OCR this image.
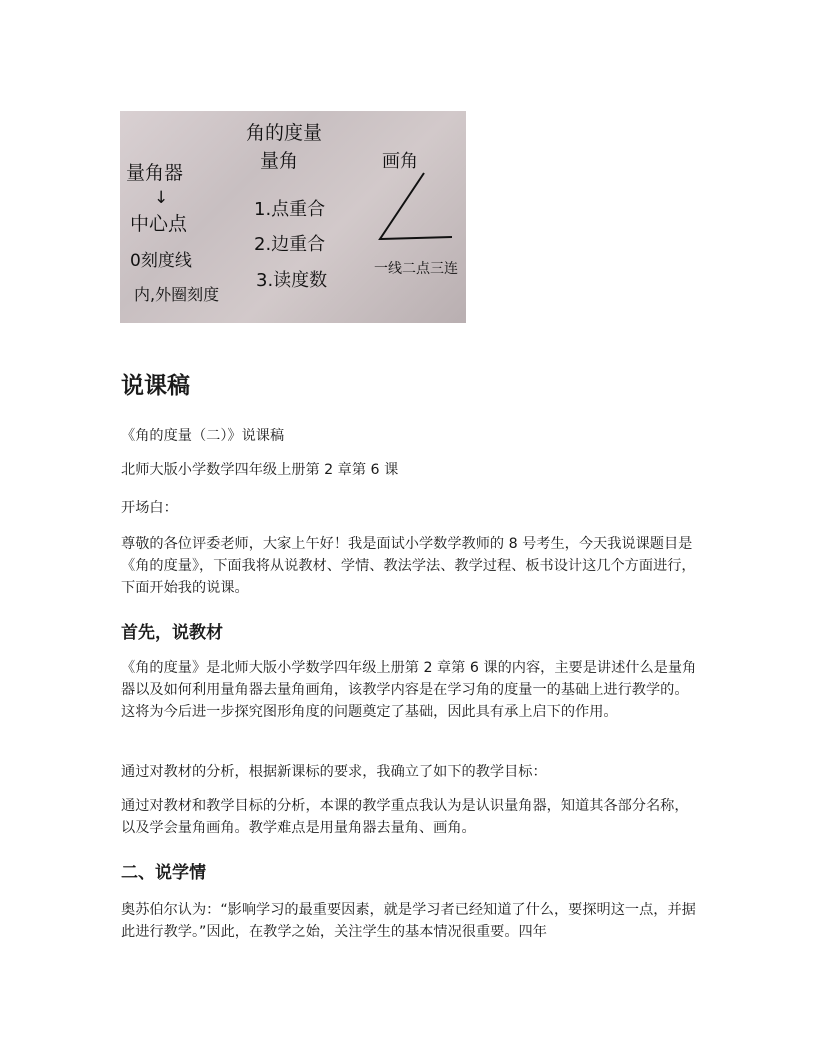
角的度量
量角
量角器
↓
中心点
0刻度线
内,外圈刻度
1.点重合
2.边重合
3.读度数
画角
一线二点三连
说课稿

《角的度量（二）》说课稿

北师大版小学数学四年级上册第 2 章第 6 课

开场白：

尊敬的各位评委老师，大家上午好！我是面试小学数学教师的 8 号考生，今天我说课题目是《角的度量》，下面我将从说教材、学情、教法学法、教学过程、板书设计这几个方面进行，下面开始我的说课。

首先，说教材

《角的度量》是北师大版小学数学四年级上册第 2 章第 6 课的内容，主要是讲述什么是量角器以及如何利用量角器去量角画角，该教学内容是在学习角的度量一的基础上进行教学的。这将为今后进一步探究图形角度的问题奠定了基础，因此具有承上启下的作用。

通过对教材的分析，根据新课标的要求，我确立了如下的教学目标：

通过对教材和教学目标的分析，本课的教学重点我认为是认识量角器，知道其各部分名称，以及学会量角画角。教学难点是用量角器去量角、画角。

二、说学情

奥苏伯尔认为：“影响学习的最重要因素，就是学习者已经知道了什么，要探明这一点，并据此进行教学。”因此，在教学之始，关注学生的基本情况很重要。四年
